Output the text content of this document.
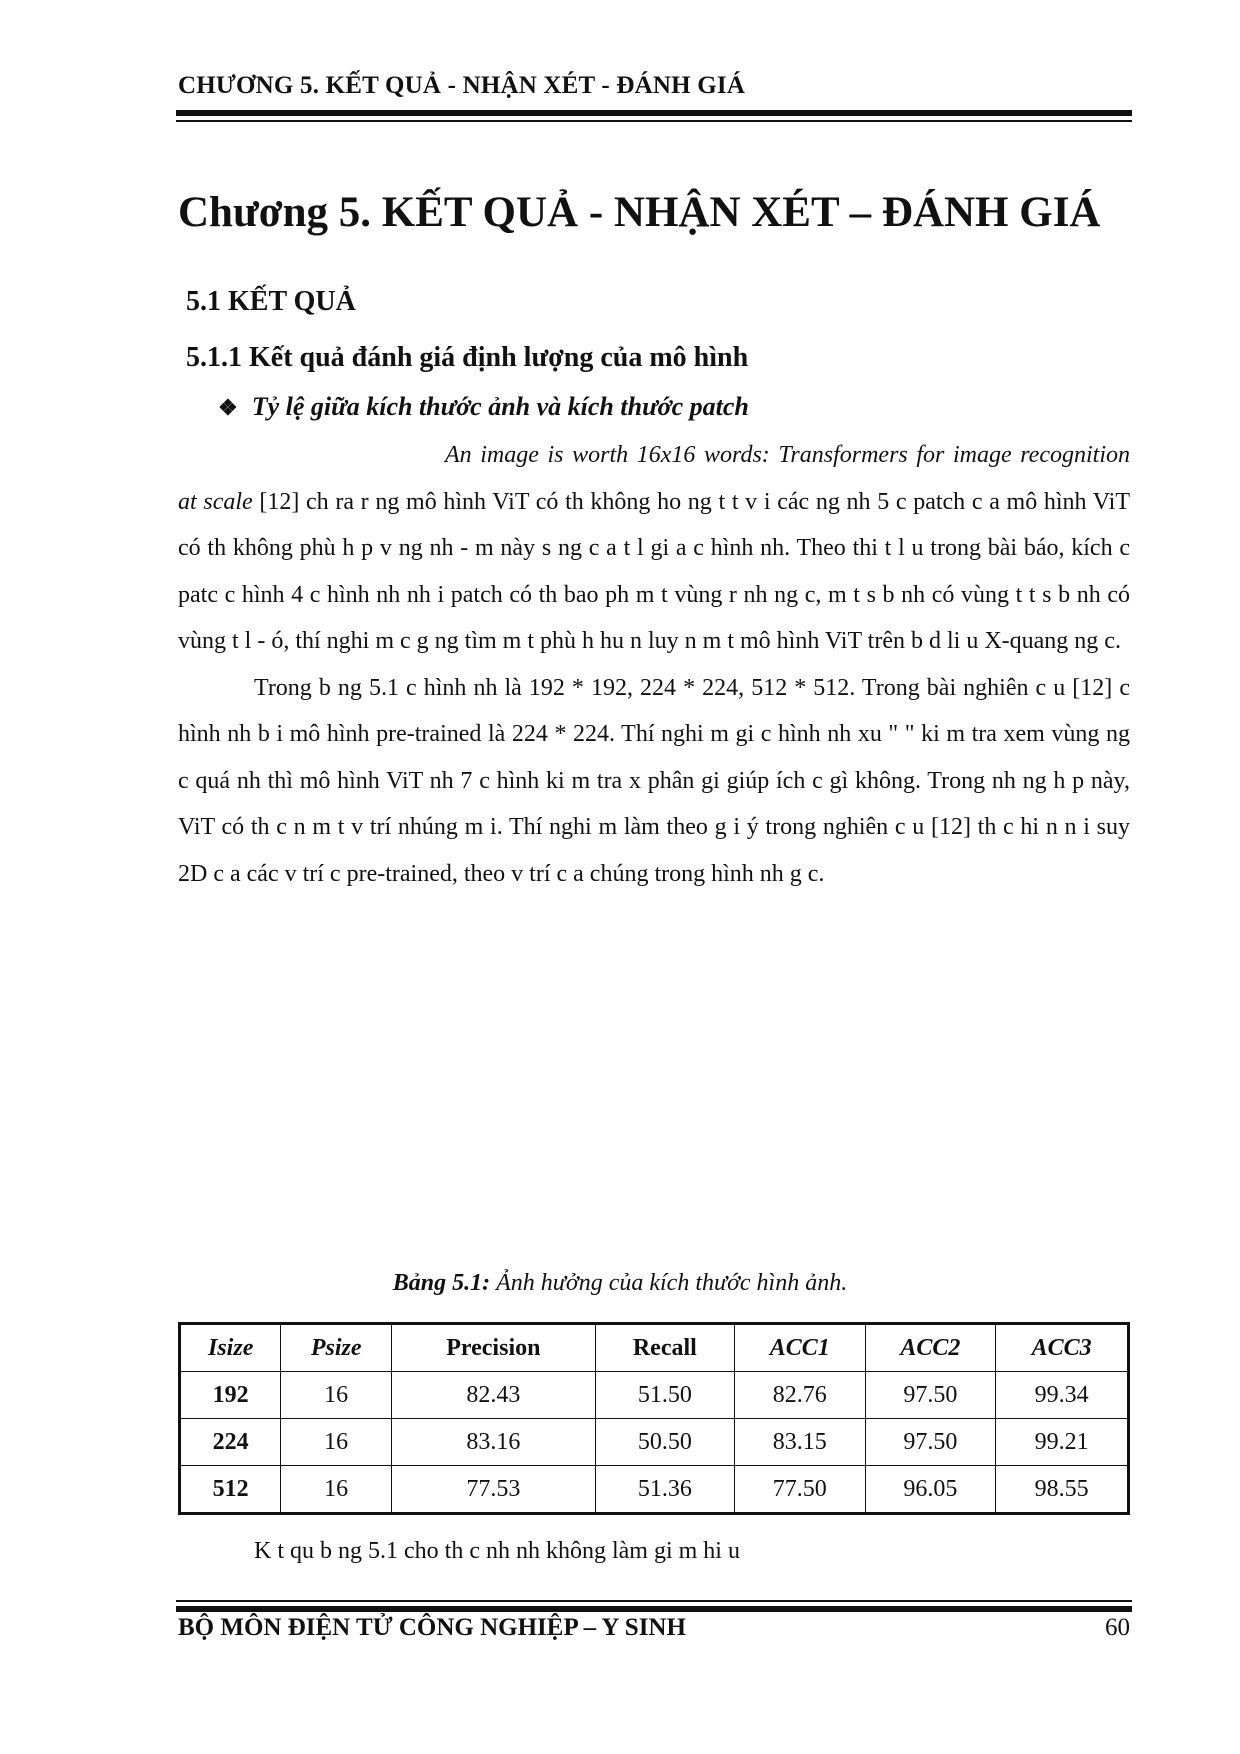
CHƯƠNG 5. KẾT QUẢ - NHẬN XÉT - ĐÁNH GIÁ
Chương 5. KẾT QUẢ - NHẬN XÉT – ĐÁNH GIÁ
5.1 KẾT QUẢ
5.1.1 Kết quả đánh giá định lượng của mô hình
❖ Tỷ lệ giữa kích thước ảnh và kích thước patch

An image is worth 16x16 words: Transformers for image recognition at scale [12] ch ra r ng mô hình ViT có th không ho ng t t v i các ng nh 5 c patch c a mô hình ViT có th không phù h p v ng nh - m này s ng c a t l gi a c hình nh. Theo thi t l u trong bài báo, kích c patc c hình 4 c hình nh nh i patch có th bao ph m t vùng r nh ng c, m t s b nh có vùng t t s b nh có vùng t l - ó, thí nghi m c g ng tìm m t phù h hu n luy n m t mô hình ViT trên b d li u X-quang ng c.

Trong b ng 5.1 c hình nh là 192 * 192, 224 * 224, 512 * 512. Trong bài nghiên c u [12] c hình nh b i mô hình pre-trained là 224 * 224. Thí nghi m gi c hình nh xu " " ki m tra xem vùng ng c quá nh thì mô hình ViT nh 7 c hình ki m tra x phân gi giúp ích c gì không. Trong nh ng h p này, ViT có th c n m t v trí nhúng m i. Thí nghi m làm theo g i ý trong nghiên c u [12] th c hi n n i suy 2D c a các v trí c pre-trained, theo v trí c a chúng trong hình nh g c.

Bảng 5.1: Ảnh hưởng của kích thước hình ảnh.
Isize	Psize	Precision	Recall	ACC1	ACC2	ACC3
192	16	82.43	51.50	82.76	97.50	99.34
224	16	83.16	50.50	83.15	97.50	99.21
512	16	77.53	51.36	77.50	96.05	98.55
K t qu b ng 5.1 cho th c nh nh không làm gi m hi u
BỘ MÔN ĐIỆN TỬ CÔNG NGHIỆP – Y SINH	60
